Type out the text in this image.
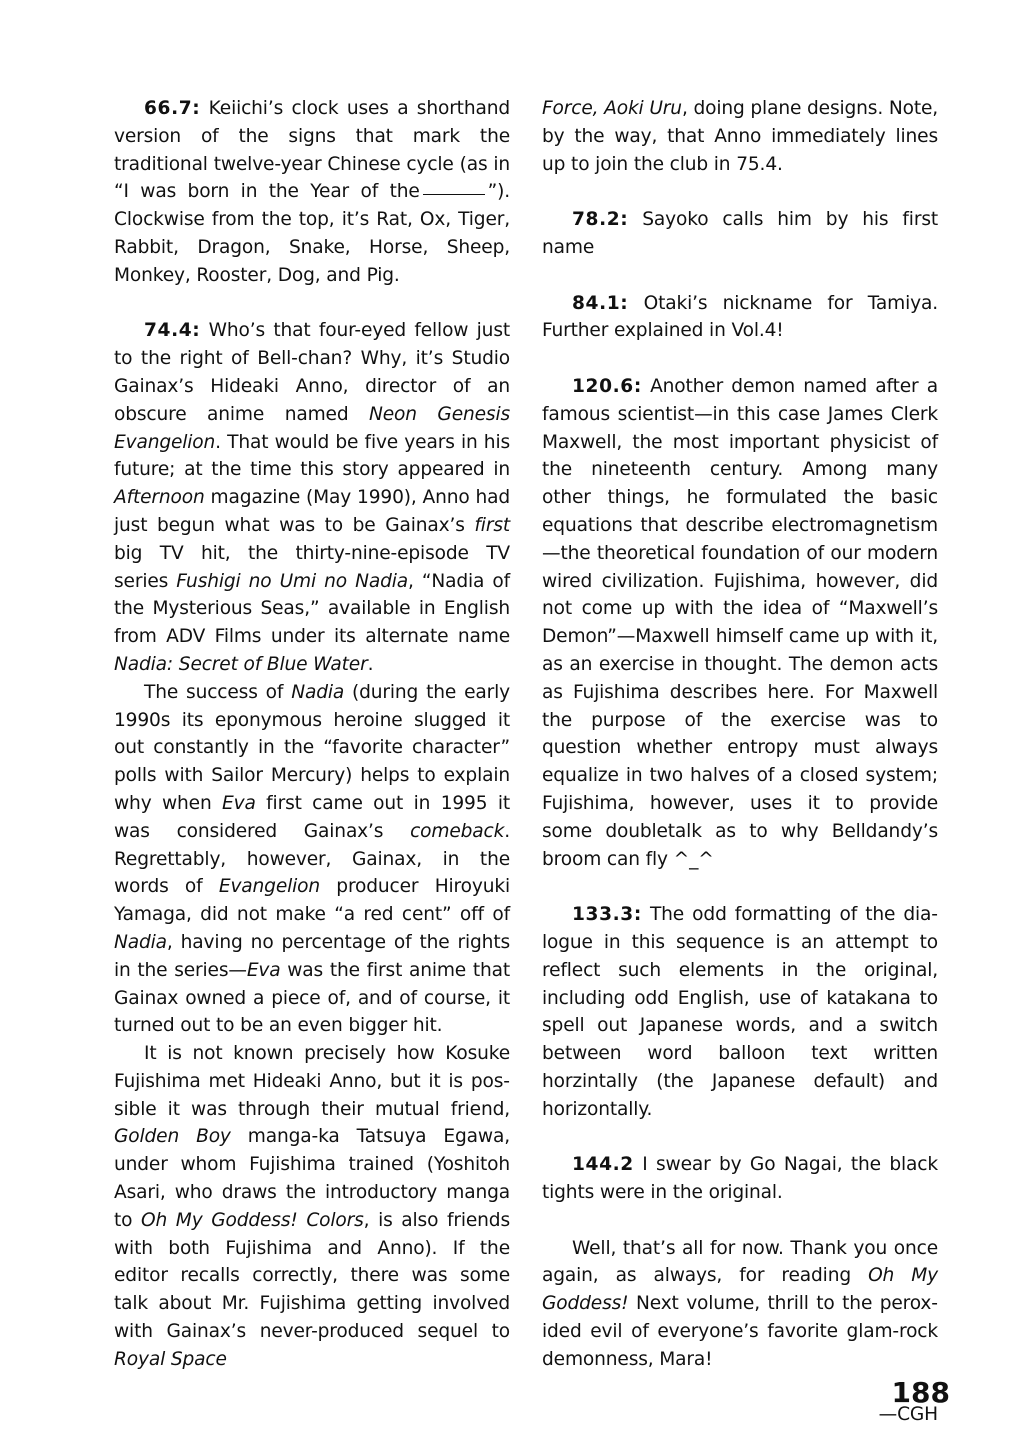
66.7: Keiichi’s clock uses a shorthand version of the signs that mark the traditional twelve-year Chinese cycle (as in “I was born in the Year of the	”). Clockwise from the top, it’s Rat, Ox, Tiger, Rabbit, Dragon, Snake, Horse, Sheep, Monkey, Rooster, Dog, and Pig.

74.4: Who’s that four-eyed fellow just to the right of Bell-chan? Why, it’s Studio Gainax’s Hideaki Anno, director of an obscure anime named Neon Genesis Evangelion. That would be five years in his future; at the time this story appeared in Afternoon magazine (May 1990), Anno had just begun what was to be Gainax’s first big TV hit, the thirty-nine-episode TV series Fushigi no Umi no Nadia, “Nadia of the Mysterious Seas,” available in English from ADV Films under its alternate name Nadia: Secret of Blue Water.

The success of Nadia (during the early 1990s its eponymous heroine slugged it out constantly in the “favorite character” polls with Sailor Mercury) helps to explain why when Eva first came out in 1995 it was considered Gainax’s comeback. Regrettably, however, Gainax, in the words of Evangelion producer Hiroyuki Yamaga, did not make “a red cent” off of Nadia, having no percentage of the rights in the series—Eva was the first anime that Gainax owned a piece of, and of course, it turned out to be an even bigger hit.

It is not known precisely how Kosuke Fujishima met Hideaki Anno, but it is possible it was through their mutual friend, Golden Boy manga-ka Tatsuya Egawa, under whom Fujishima trained (Yoshitoh Asari, who draws the introductory manga to Oh My Goddess! Colors, is also friends with both Fujishima and Anno). If the editor recalls correctly, there was some talk about Mr. Fujishima getting involved with Gainax’s never-produced sequel to Royal Space

Force, Aoki Uru, doing plane designs. Note, by the way, that Anno immediately lines up to join the club in 75.4.

78.2: Sayoko calls him by his first name

84.1: Otaki’s nickname for Tamiya. Further explained in Vol.4!

120.6: Another demon named after a famous scientist—in this case James Clerk Maxwell, the most important physicist of the nineteenth century. Among many other things, he formulated the basic equations that describe electromagnetism—the theoretical foundation of our modern wired civilization. Fujishima, however, did not come up with the idea of “Maxwell’s Demon”—Maxwell himself came up with it, as an exercise in thought. The demon acts as Fujishima describes here. For Maxwell the purpose of the exercise was to question whether entropy must always equalize in two halves of a closed system; Fujishima, however, uses it to provide some doubletalk as to why Belldandy’s broom can fly ^_^

133.3: The odd formatting of the dialogue in this sequence is an attempt to reflect such elements in the original, including odd English, use of katakana to spell out Japanese words, and a switch between word balloon text written horzintally (the Japanese default) and horizontally.

144.2 I swear by Go Nagai, the black tights were in the original.

Well, that’s all for now. Thank you once again, as always, for reading Oh My Goddess! Next volume, thrill to the peroxided evil of everyone’s favorite glam-rock demonness, Mara!

—CGH

188
